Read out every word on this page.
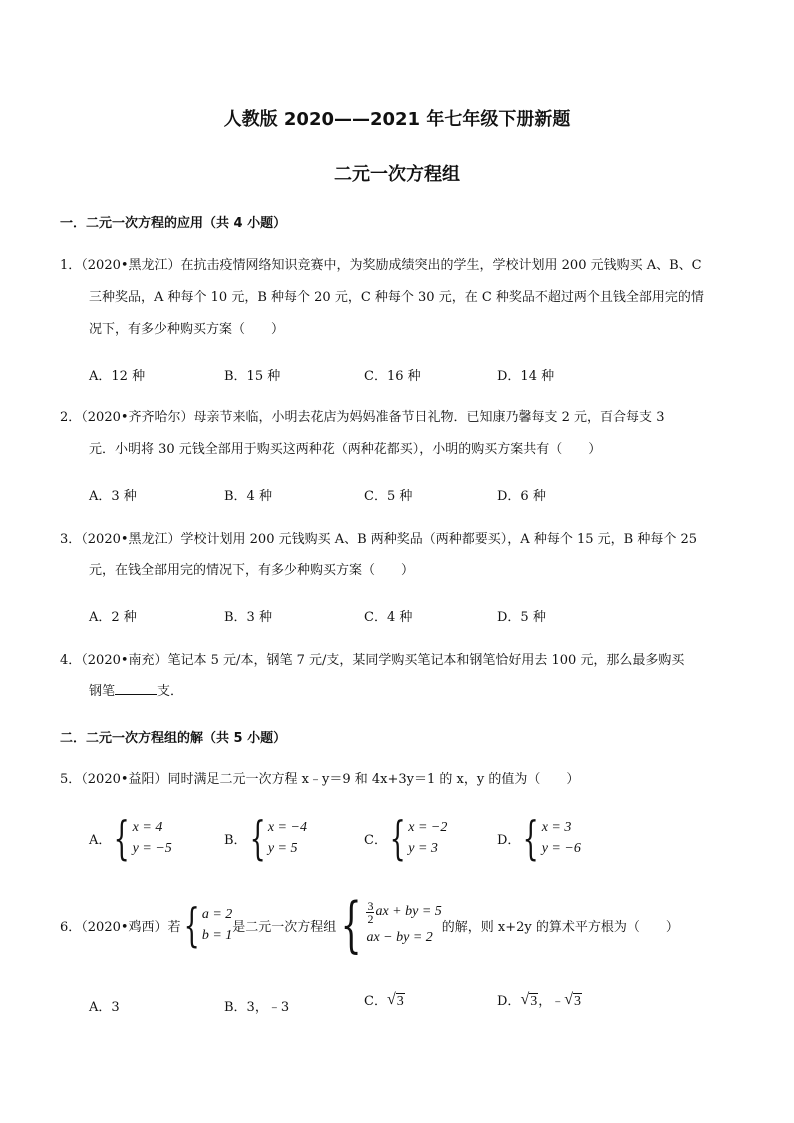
人教版 2020——2021 年七年级下册新题
二元一次方程组
一．二元一次方程的应用（共 4 小题）
1．（2020•黑龙江）在抗击疫情网络知识竞赛中，为奖励成绩突出的学生，学校计划用 200 元钱购买 A、B、C
三种奖品，A 种每个 10 元，B 种每个 20 元，C 种每个 30 元，在 C 种奖品不超过两个且钱全部用完的情
况下，有多少种购买方案（　　）
A．12 种	B．15 种	C．16 种	D．14 种
2．（2020•齐齐哈尔）母亲节来临，小明去花店为妈妈准备节日礼物．已知康乃馨每支 2 元，百合每支 3
元．小明将 30 元钱全部用于购买这两种花（两种花都买），小明的购买方案共有（　　）
A．3 种	B．4 种	C．5 种	D．6 种
3．（2020•黑龙江）学校计划用 200 元钱购买 A、B 两种奖品（两种都要买），A 种每个 15 元，B 种每个 25
元，在钱全部用完的情况下，有多少种购买方案（　　）
A．2 种	B．3 种	C．4 种	D．5 种
4．（2020•南充）笔记本 5 元/本，钢笔 7 元/支，某同学购买笔记本和钢笔恰好用去 100 元，那么最多购买
钢笔	支．
二．二元一次方程组的解（共 5 小题）
5．（2020•益阳）同时满足二元一次方程 x﹣y＝9 和 4x+3y＝1 的 x，y 的值为（　　）
A． { x = 4
y = −5
B． { x = −4
y = 5
C． { x = −2
y = 3
D． { x = 3
y = −6
6．（2020•鸡西）若 { a = 2
b = 1
是二元一次方程组 { $\frac{3}{2}$ ax + by = 5
ax − by = 2
的解，则 x+2y 的算术平方根为（　　）
A．3	B．3，﹣3	C． √ 3	D． √ 3 ，﹣ √ 3
